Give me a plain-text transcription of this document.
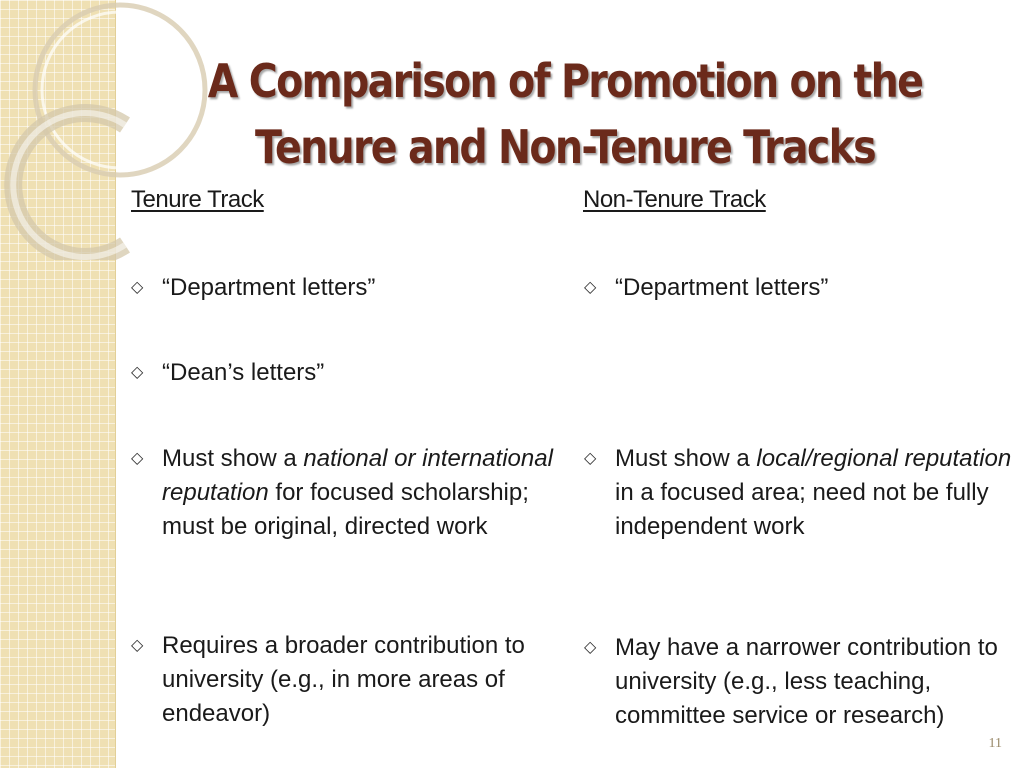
A Comparison of Promotion on the
Tenure and Non-Tenure Tracks
Tenure Track	Non-Tenure Track
◇ “Department letters”
◇ “Dean’s letters”
◇ Must show a national or international reputation for focused scholarship; must be original, directed work
◇ Requires a broader contribution to university (e.g., in more areas of endeavor)
◇ “Department letters”
◇ Must show a local/regional reputation in a focused area; need not be fully independent work
◇ May have a narrower contribution to university (e.g., less teaching, committee service or research)
11
